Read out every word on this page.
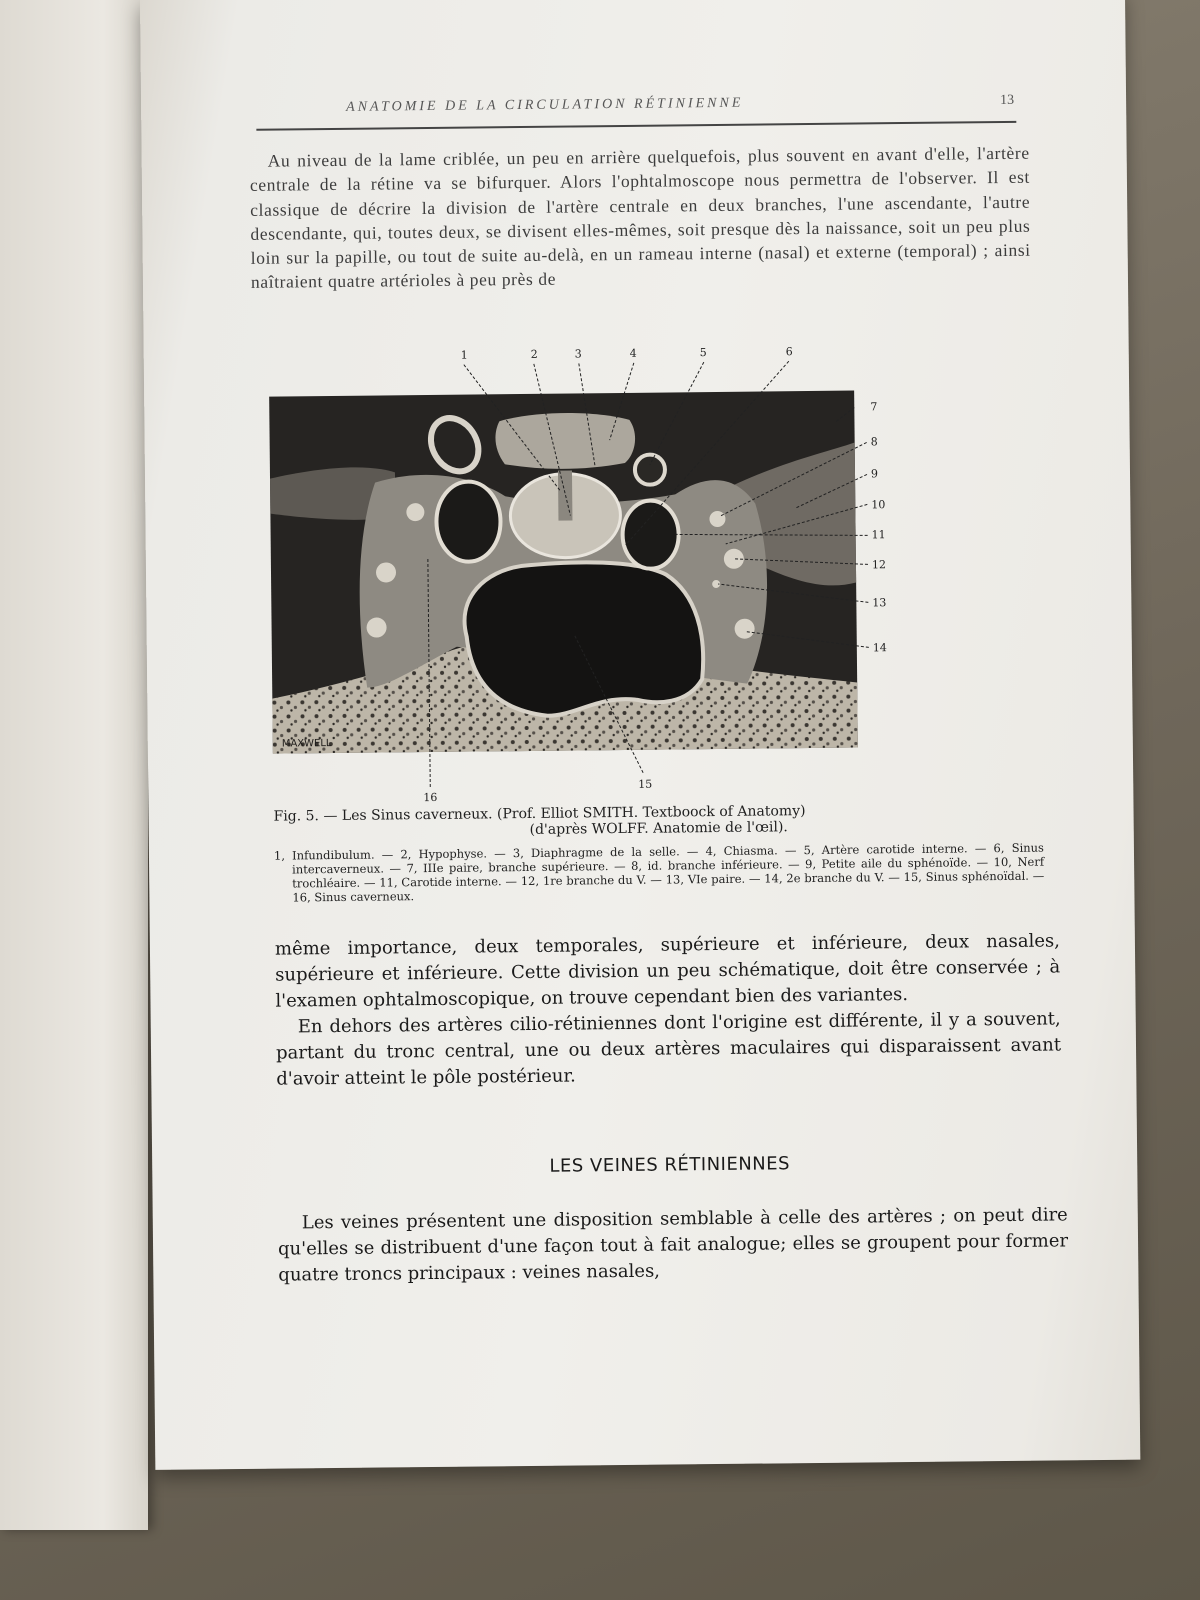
ANATOMIE DE LA CIRCULATION RÉTINIENNE	13

Au niveau de la lame criblée, un peu en arrière quelquefois, plus souvent en avant d'elle, l'artère centrale de la rétine va se bifurquer. Alors l'ophtalmoscope nous permettra de l'observer. Il est classique de décrire la division de l'artère centrale en deux branches, l'une ascendante, l'autre descendante, qui, toutes deux, se divisent elles-mêmes, soit presque dès la naissance, soit un peu plus loin sur la papille, ou tout de suite au-delà, en un rameau interne (nasal) et externe (temporal) ; ainsi naîtraient quatre artérioles à peu près de

1	2	3	4	5	6
7
8
9
10
11
12
13
14
15
16
MAXWELL

Fig. 5. — Les Sinus caverneux. (Prof. Elliot SMITH. Textboock of Anatomy)

(d'après WOLFF. Anatomie de l'œil).

1, Infundibulum. — 2, Hypophyse. — 3, Diaphragme de la selle. — 4, Chiasma. — 5, Artère carotide interne. — 6, Sinus intercaverneux. — 7, IIIe paire, branche supérieure. — 8, id. branche inférieure. — 9, Petite aile du sphénoïde. — 10, Nerf trochléaire. — 11, Carotide interne. — 12, 1re branche du V. — 13, VIe paire. — 14, 2e branche du V. — 15, Sinus sphénoïdal. — 16, Sinus caverneux.

même importance, deux temporales, supérieure et inférieure, deux nasales, supérieure et inférieure. Cette division un peu schématique, doit être conservée ; à l'examen ophtalmoscopique, on trouve cependant bien des variantes.

En dehors des artères cilio-rétiniennes dont l'origine est différente, il y a souvent, partant du tronc central, une ou deux artères maculaires qui disparaissent avant d'avoir atteint le pôle postérieur.

LES VEINES RÉTINIENNES

Les veines présentent une disposition semblable à celle des artères ; on peut dire qu'elles se distribuent d'une façon tout à fait analogue; elles se groupent pour former quatre troncs principaux : veines nasales,
